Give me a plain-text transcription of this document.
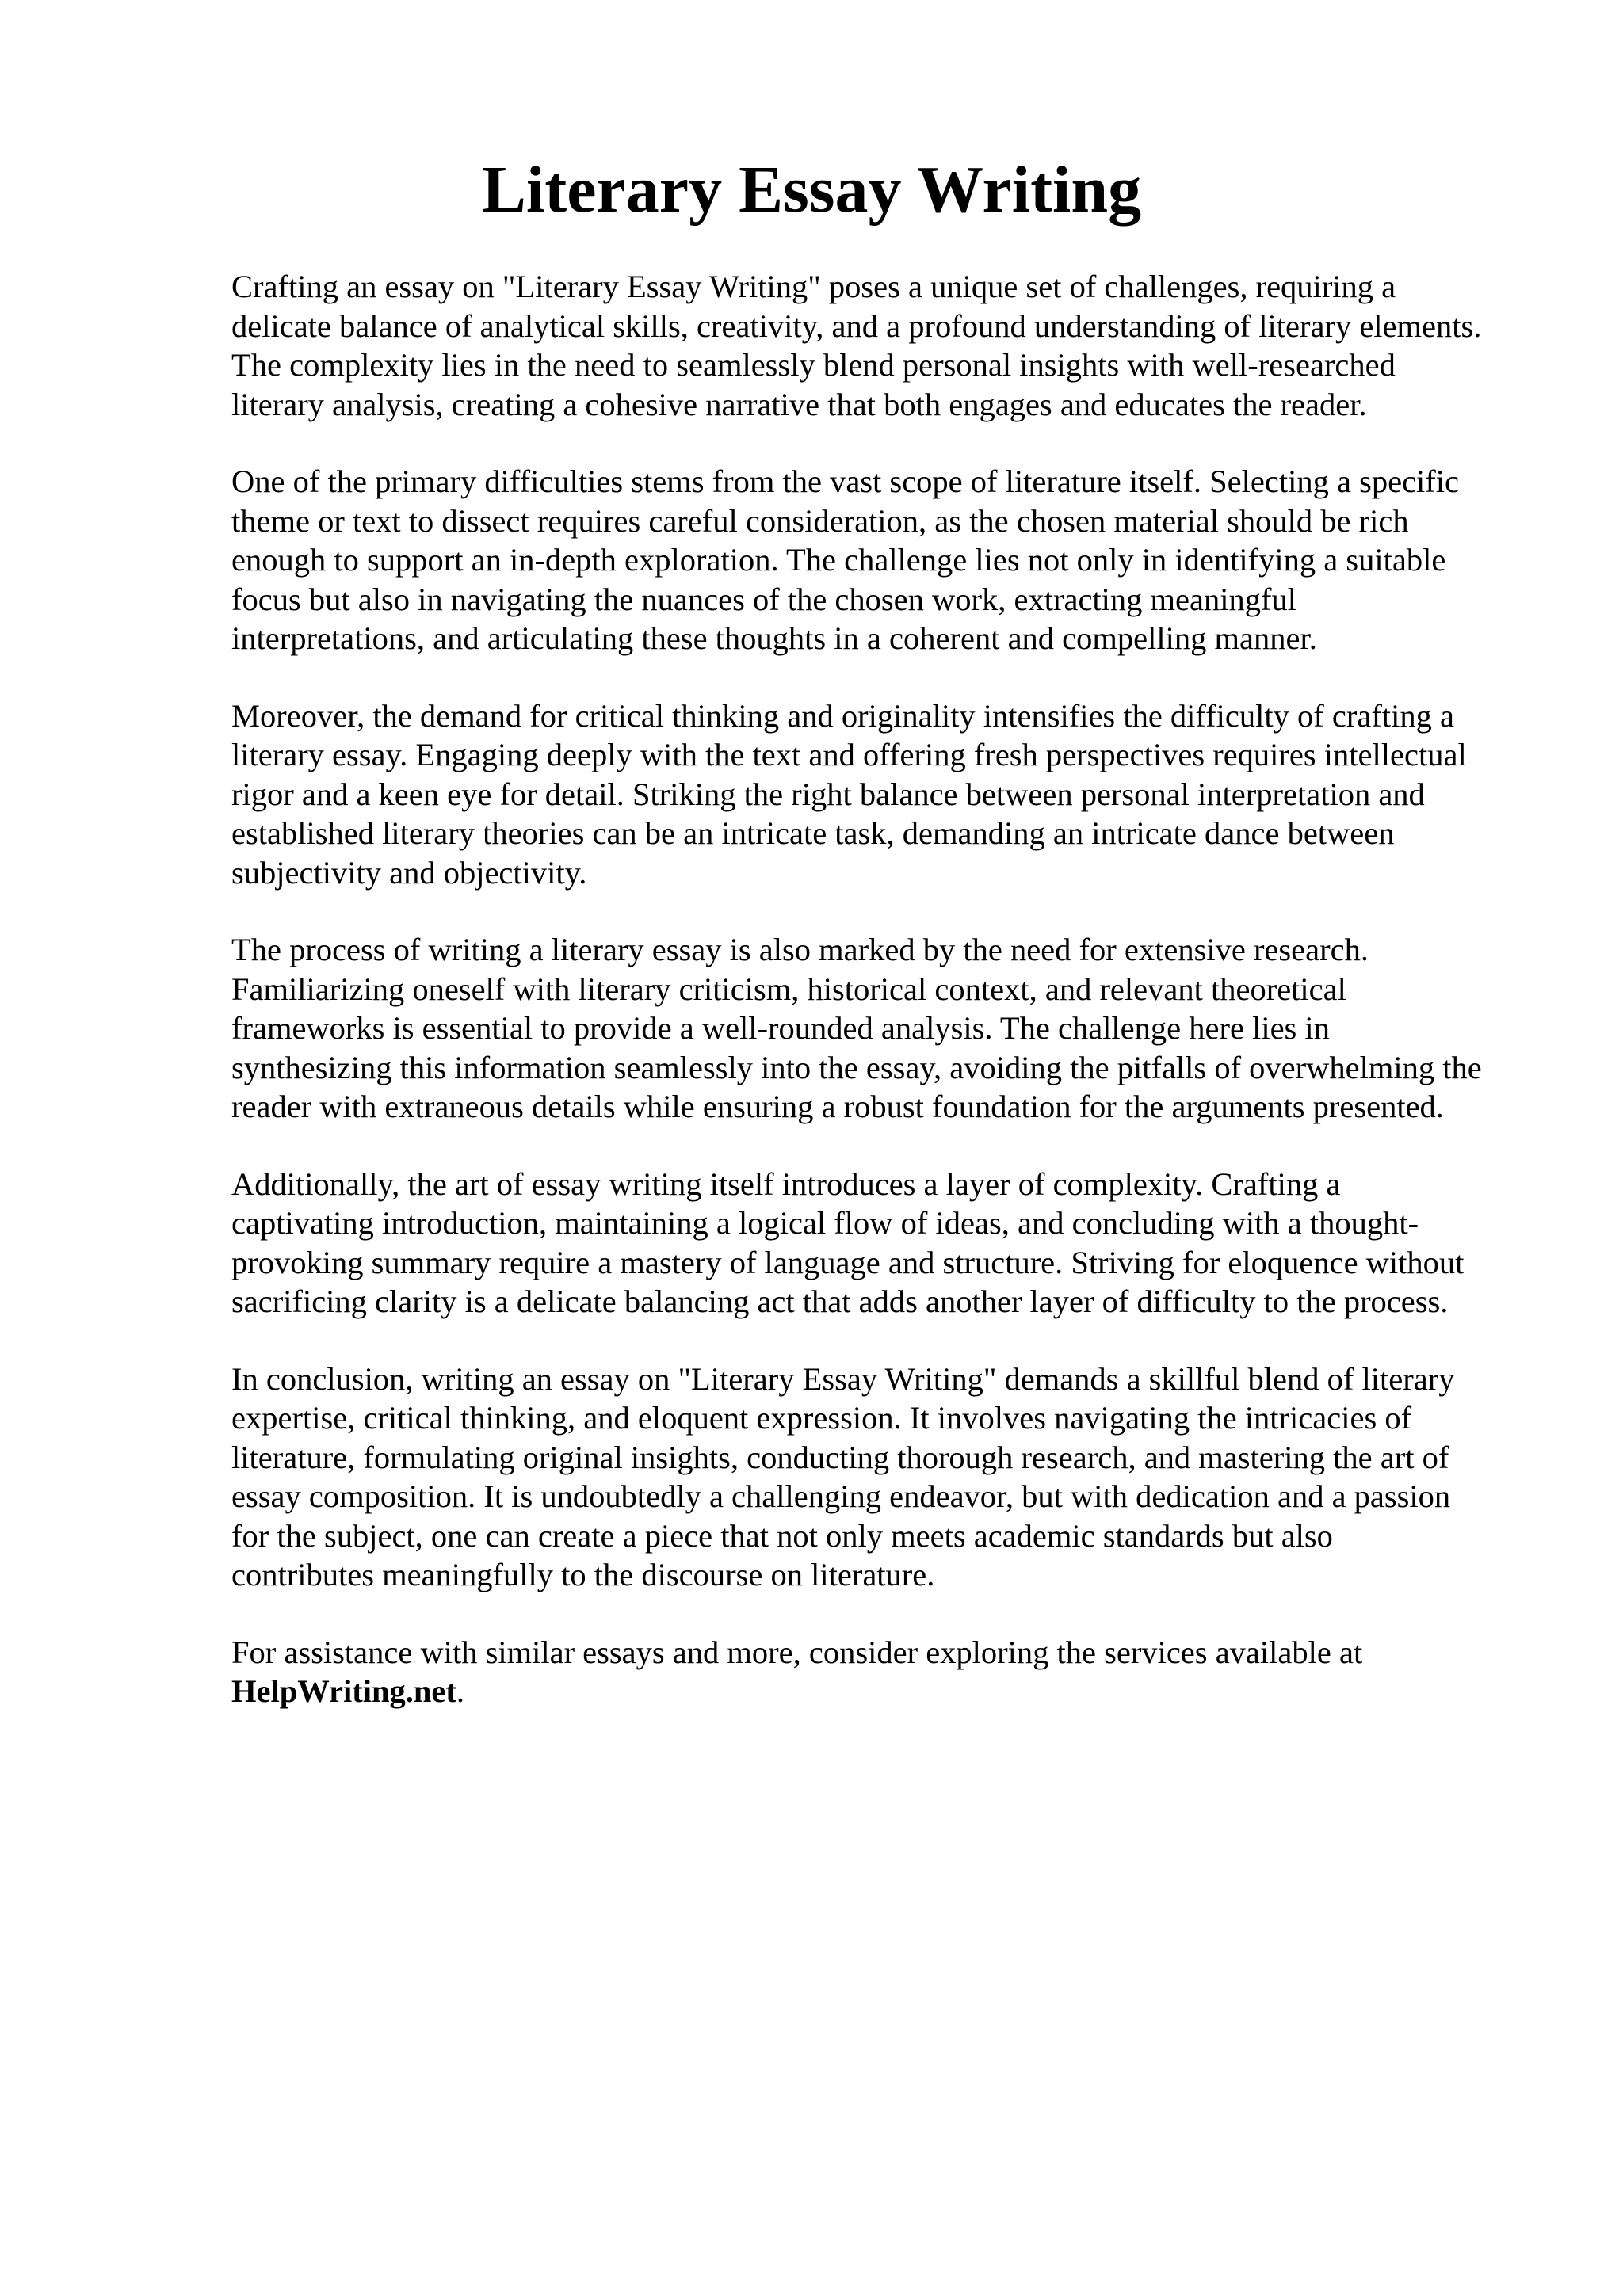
Literary Essay Writing

Crafting an essay on "Literary Essay Writing" poses a unique set of challenges, requiring a
delicate balance of analytical skills, creativity, and a profound understanding of literary elements.
The complexity lies in the need to seamlessly blend personal insights with well-researched
literary analysis, creating a cohesive narrative that both engages and educates the reader.

One of the primary difficulties stems from the vast scope of literature itself. Selecting a specific
theme or text to dissect requires careful consideration, as the chosen material should be rich
enough to support an in-depth exploration. The challenge lies not only in identifying a suitable
focus but also in navigating the nuances of the chosen work, extracting meaningful
interpretations, and articulating these thoughts in a coherent and compelling manner.

Moreover, the demand for critical thinking and originality intensifies the difficulty of crafting a
literary essay. Engaging deeply with the text and offering fresh perspectives requires intellectual
rigor and a keen eye for detail. Striking the right balance between personal interpretation and
established literary theories can be an intricate task, demanding an intricate dance between
subjectivity and objectivity.

The process of writing a literary essay is also marked by the need for extensive research.
Familiarizing oneself with literary criticism, historical context, and relevant theoretical
frameworks is essential to provide a well-rounded analysis. The challenge here lies in
synthesizing this information seamlessly into the essay, avoiding the pitfalls of overwhelming the
reader with extraneous details while ensuring a robust foundation for the arguments presented.

Additionally, the art of essay writing itself introduces a layer of complexity. Crafting a
captivating introduction, maintaining a logical flow of ideas, and concluding with a thought-
provoking summary require a mastery of language and structure. Striving for eloquence without
sacrificing clarity is a delicate balancing act that adds another layer of difficulty to the process.

In conclusion, writing an essay on "Literary Essay Writing" demands a skillful blend of literary
expertise, critical thinking, and eloquent expression. It involves navigating the intricacies of
literature, formulating original insights, conducting thorough research, and mastering the art of
essay composition. It is undoubtedly a challenging endeavor, but with dedication and a passion
for the subject, one can create a piece that not only meets academic standards but also
contributes meaningfully to the discourse on literature.

For assistance with similar essays and more, consider exploring the services available at
HelpWriting.net.
